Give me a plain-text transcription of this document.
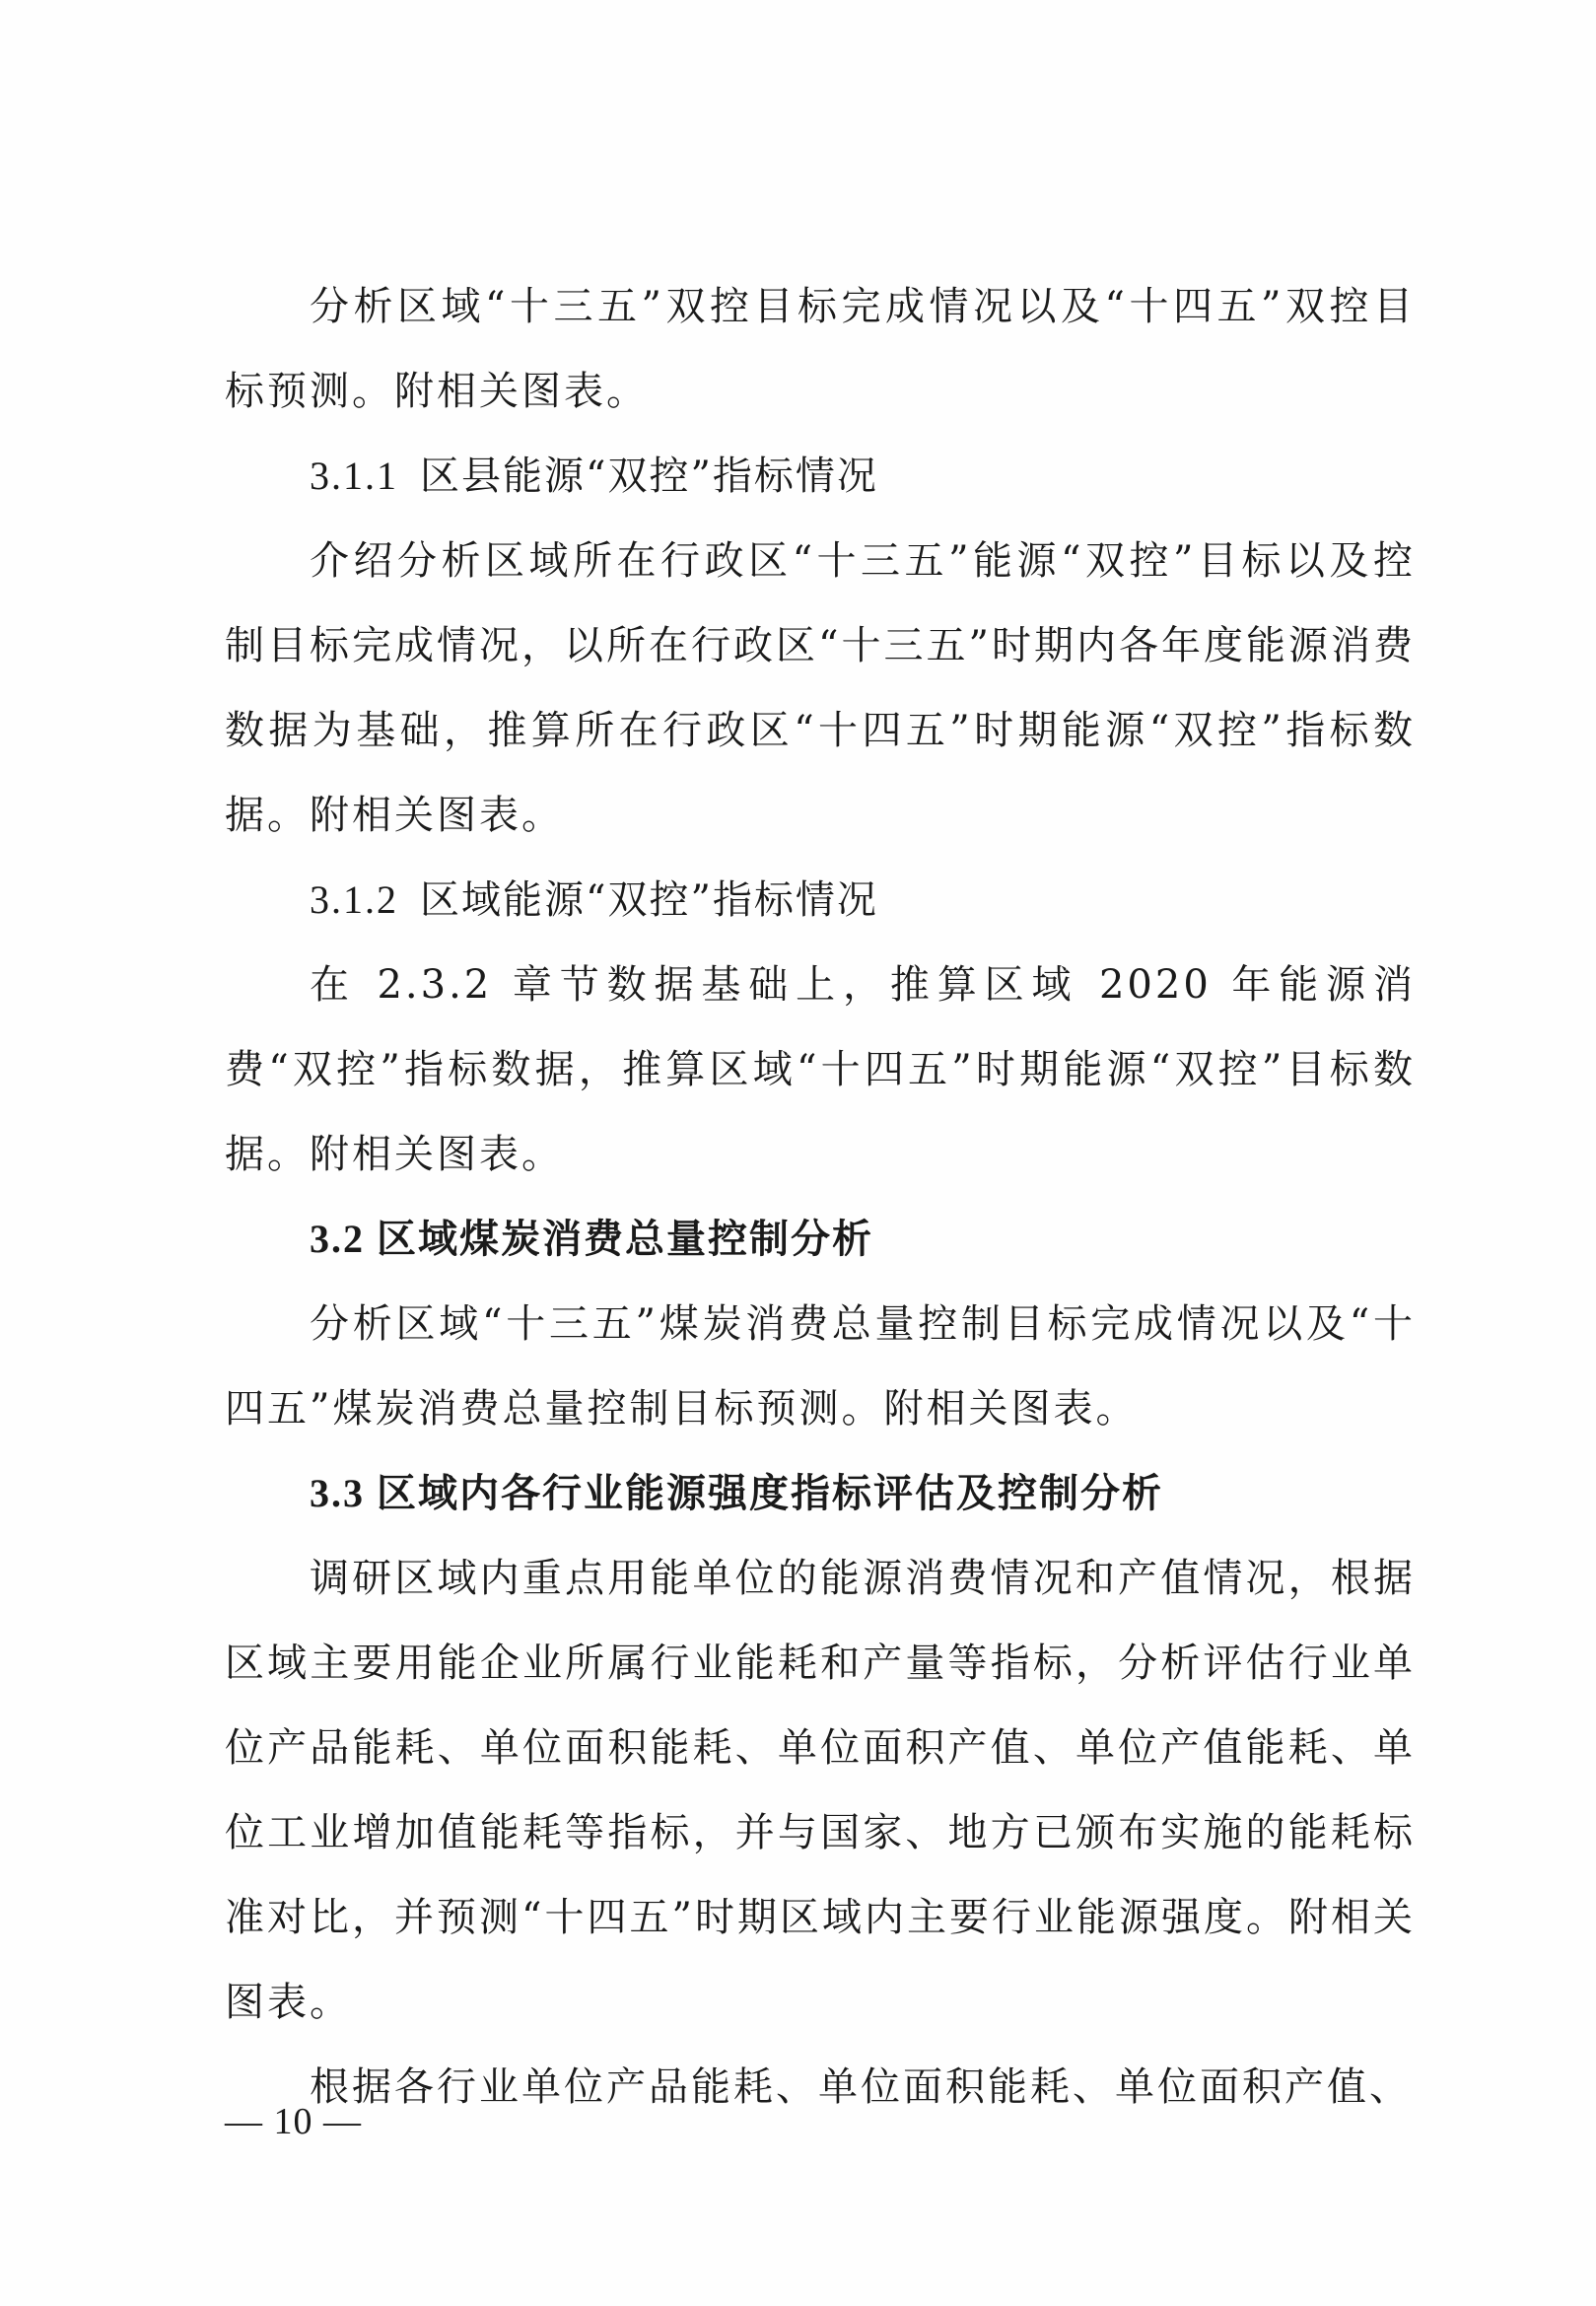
分析区域“十三五”双控目标完成情况以及“十四五”双控目标预测。附相关图表。

3.1.1 区县能源“双控”指标情况

介绍分析区域所在行政区“十三五”能源“双控”目标以及控制目标完成情况，以所在行政区“十三五”时期内各年度能源消费数据为基础，推算所在行政区“十四五”时期能源“双控”指标数据。附相关图表。

3.1.2 区域能源“双控”指标情况

在 2.3.2 章节数据基础上，推算区域 2020 年能源消费“双控”指标数据，推算区域“十四五”时期能源“双控”目标数据。附相关图表。

3.2 区域煤炭消费总量控制分析

分析区域“十三五”煤炭消费总量控制目标完成情况以及“十四五”煤炭消费总量控制目标预测。附相关图表。

3.3 区域内各行业能源强度指标评估及控制分析

调研区域内重点用能单位的能源消费情况和产值情况，根据区域主要用能企业所属行业能耗和产量等指标，分析评估行业单位产品能耗、单位面积能耗、单位面积产值、单位产值能耗、单位工业增加值能耗等指标，并与国家、地方已颁布实施的能耗标准对比，并预测“十四五”时期区域内主要行业能源强度。附相关图表。

根据各行业单位产品能耗、单位面积能耗、单位面积产值、

— 10 —
